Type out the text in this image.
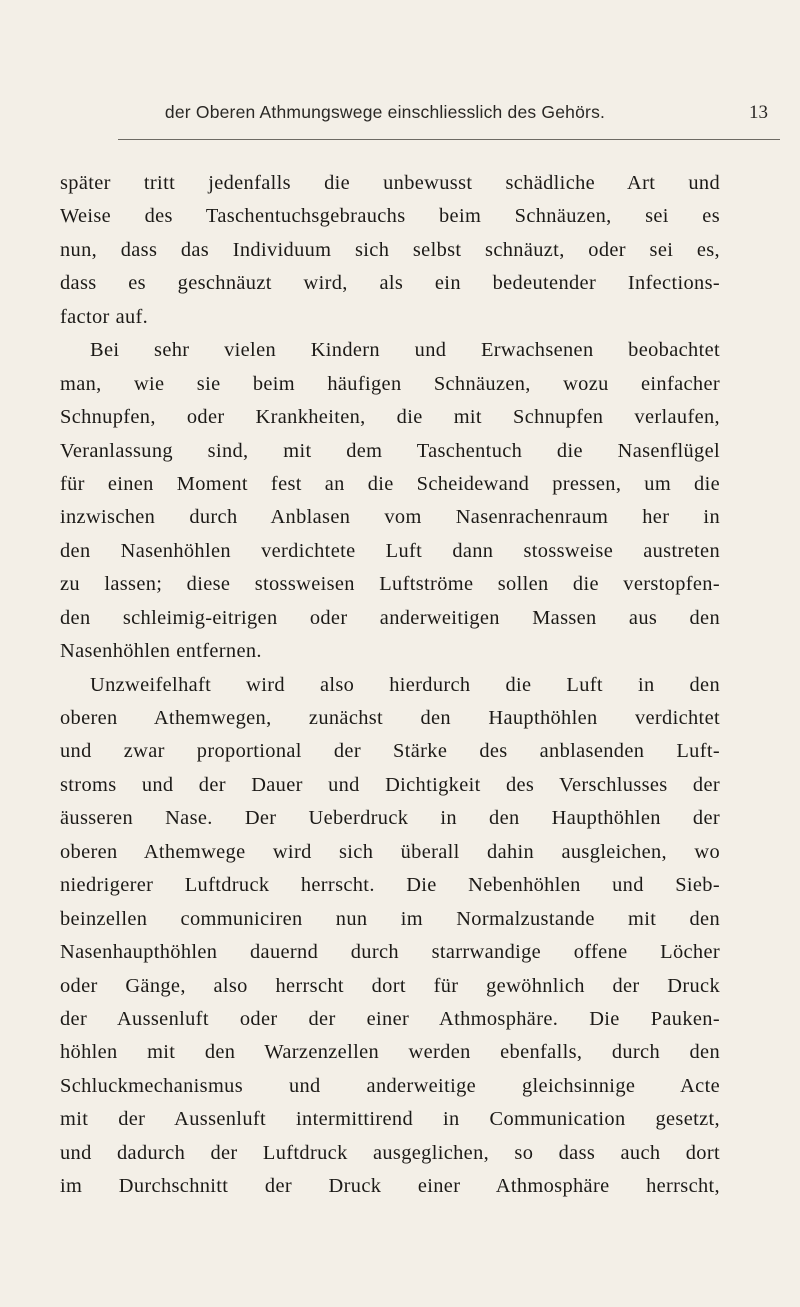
der Oberen Athmungswege einschliesslich des Gehörs.	13
später tritt jedenfalls die unbewusst schädliche Art und
Weise des Taschentuchsgebrauchs beim Schnäuzen, sei es
nun, dass das Individuum sich selbst schnäuzt, oder sei es,
dass es geschnäuzt wird, als ein bedeutender Infections-
factor auf.
Bei sehr vielen Kindern und Erwachsenen beobachtet
man, wie sie beim häufigen Schnäuzen, wozu einfacher
Schnupfen, oder Krankheiten, die mit Schnupfen verlaufen,
Veranlassung sind, mit dem Taschentuch die Nasenflügel
für einen Moment fest an die Scheidewand pressen, um die
inzwischen durch Anblasen vom Nasenrachenraum her in
den Nasenhöhlen verdichtete Luft dann stossweise austreten
zu lassen; diese stossweisen Luftströme sollen die verstopfen-
den schleimig-eitrigen oder anderweitigen Massen aus den
Nasenhöhlen entfernen.
Unzweifelhaft wird also hierdurch die Luft in den
oberen Athemwegen, zunächst den Haupthöhlen verdichtet
und zwar proportional der Stärke des anblasenden Luft-
stroms und der Dauer und Dichtigkeit des Verschlusses der
äusseren Nase. Der Ueberdruck in den Haupthöhlen der
oberen Athemwege wird sich überall dahin ausgleichen, wo
niedrigerer Luftdruck herrscht. Die Nebenhöhlen und Sieb-
beinzellen communiciren nun im Normalzustande mit den
Nasenhaupthöhlen dauernd durch starrwandige offene Löcher
oder Gänge, also herrscht dort für gewöhnlich der Druck
der Aussenluft oder der einer Athmosphäre. Die Pauken-
höhlen mit den Warzenzellen werden ebenfalls, durch den
Schluckmechanismus und anderweitige gleichsinnige Acte
mit der Aussenluft intermittirend in Communication gesetzt,
und dadurch der Luftdruck ausgeglichen, so dass auch dort
im Durchschnitt der Druck einer Athmosphäre herrscht,
